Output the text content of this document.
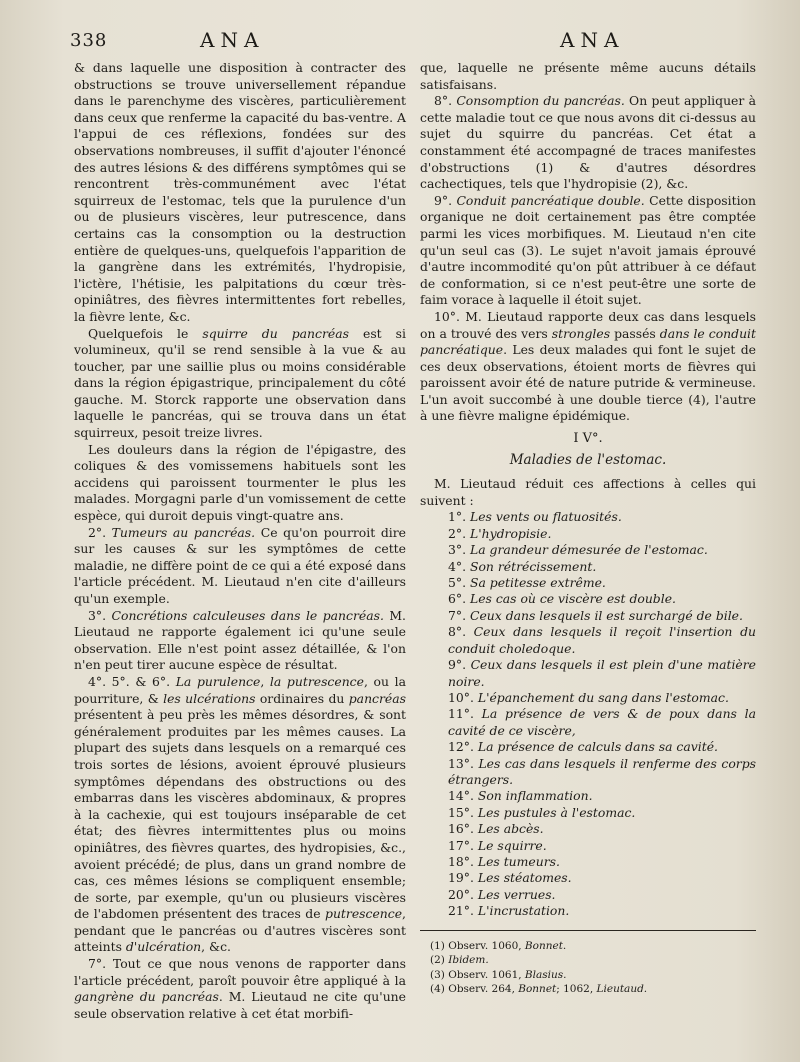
338	ANA	ANA

& dans laquelle une disposition à contracter des obstructions se trouve universellement répandue dans le parenchyme des viscères, particulièrement dans ceux que renferme la capacité du bas-ventre. A l'appui de ces réflexions, fondées sur des observations nombreuses, il suffit d'ajouter l'énoncé des autres lésions & des différens symptômes qui se rencontrent très-communément avec l'état squirreux de l'estomac, tels que la purulence d'un ou de plusieurs viscères, leur putrescence, dans certains cas la consomption ou la destruction entière de quelques-uns, quelquefois l'apparition de la gangrène dans les extrémités, l'hydropisie, l'ictère, l'hétisie, les palpitations du cœur très-opiniâtres, des fièvres intermittentes fort rebelles, la fièvre lente, &c.

Quelquefois le squirre du pancréas est si volumineux, qu'il se rend sensible à la vue & au toucher, par une saillie plus ou moins considérable dans la région épigastrique, principalement du côté gauche. M. Storck rapporte une observation dans laquelle le pancréas, qui se trouva dans un état squirreux, pesoit treize livres.

Les douleurs dans la région de l'épigastre, des coliques & des vomissemens habituels sont les accidens qui paroissent tourmenter le plus les malades. Morgagni parle d'un vomissement de cette espèce, qui duroit depuis vingt-quatre ans.

2°. Tumeurs au pancréas. Ce qu'on pourroit dire sur les causes & sur les symptômes de cette maladie, ne diffère point de ce qui a été exposé dans l'article précédent. M. Lieutaud n'en cite d'ailleurs qu'un exemple.

3°. Concrétions calculeuses dans le pancréas. M. Lieutaud ne rapporte également ici qu'une seule observation. Elle n'est point assez détaillée, & l'on n'en peut tirer aucune espèce de résultat.

4°. 5°. & 6°. La purulence, la putrescence, ou la pourriture, & les ulcérations ordinaires du pancréas présentent à peu près les mêmes désordres, & sont généralement produites par les mêmes causes. La plupart des sujets dans lesquels on a remarqué ces trois sortes de lésions, avoient éprouvé plusieurs symptômes dépendans des obstructions ou des embarras dans les viscères abdominaux, & propres à la cachexie, qui est toujours inséparable de cet état; des fièvres intermittentes plus ou moins opiniâtres, des fièvres quartes, des hydropisies, &c., avoient précédé; de plus, dans un grand nombre de cas, ces mêmes lésions se compliquent ensemble; de sorte, par exemple, qu'un ou plusieurs viscères de l'abdomen présentent des traces de putrescence, pendant que le pancréas ou d'autres viscères sont atteints d'ulcération, &c.

7°. Tout ce que nous venons de rapporter dans l'article précédent, paroît pouvoir être appliqué à la gangrène du pancréas. M. Lieutaud ne cite qu'une seule observation relative à cet état morbifi-

que, laquelle ne présente même aucuns détails satisfaisans.

8°. Consomption du pancréas. On peut appliquer à cette maladie tout ce que nous avons dit ci-dessus au sujet du squirre du pancréas. Cet état a constamment été accompagné de traces manifestes d'obstructions (1) & d'autres désordres cachectiques, tels que l'hydropisie (2), &c.

9°. Conduit pancréatique double. Cette disposition organique ne doit certainement pas être comptée parmi les vices morbifiques. M. Lieutaud n'en cite qu'un seul cas (3). Le sujet n'avoit jamais éprouvé d'autre incommodité qu'on pût attribuer à ce défaut de conformation, si ce n'est peut-être une sorte de faim vorace à laquelle il étoit sujet.

10°. M. Lieutaud rapporte deux cas dans lesquels on a trouvé des vers strongles passés dans le conduit pancréatique. Les deux malades qui font le sujet de ces deux observations, étoient morts de fièvres qui paroissent avoir été de nature putride & vermineuse. L'un avoit succombé à une double tierce (4), l'autre à une fièvre maligne épidémique.

I V°.

Maladies de l'estomac.

M. Lieutaud réduit ces affections à celles qui suivent :

1°. Les vents ou flatuosités.
2°. L'hydropisie.
3°. La grandeur démesurée de l'estomac.
4°. Son rétrécissement.
5°. Sa petitesse extrême.
6°. Les cas où ce viscère est double.
7°. Ceux dans lesquels il est surchargé de bile.
8°. Ceux dans lesquels il reçoit l'insertion du conduit choledoque.
9°. Ceux dans lesquels il est plein d'une matière noire.
10°. L'épanchement du sang dans l'estomac.
11°. La présence de vers & de poux dans la cavité de ce viscère,
12°. La présence de calculs dans sa cavité.
13°. Les cas dans lesquels il renferme des corps étrangers.
14°. Son inflammation.
15°. Les pustules à l'estomac.
16°. Les abcès.
17°. Le squirre.
18°. Les tumeurs.
19°. Les stéatomes.
20°. Les verrues.
21°. L'incrustation.
(1) Observ. 1060, Bonnet.
(2) Ibidem.
(3) Observ. 1061, Blasius.
(4) Observ. 264, Bonnet; 1062, Lieutaud.
